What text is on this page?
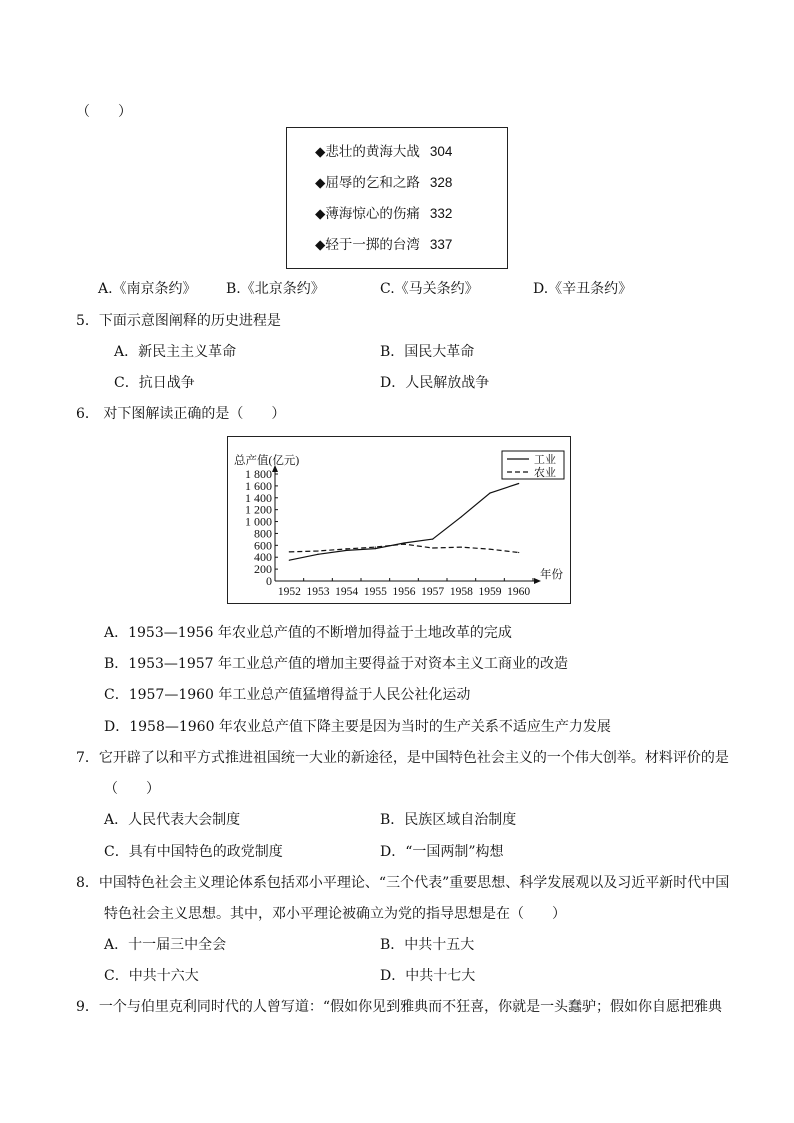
（　　）
◆悲壮的黄海大战 304
◆屈辱的乞和之路 328
◆薄海惊心的伤痛 332
◆轻于一掷的台湾 337
A.《南京条约》 B.《北京条约》	C.《马关条约》	D.《辛丑条约》
5．下面示意图阐释的历史进程是
A．新民主主义革命	B．国民大革命
C．抗日战争	D．人民解放战争
6． 对下图解读正确的是（　　）
0
200
400
600
800
1 000
1 200
1 400
1 600
1 800
1952 1953 1954 1955 1956 1957 1958 1959 1960
总产值(亿元)
年份
工业
农业
A．1953—1956 年农业总产值的不断增加得益于土地改革的完成
B．1953—1957 年工业总产值的增加主要得益于对资本主义工商业的改造
C．1957—1960 年工业总产值猛增得益于人民公社化运动
D．1958—1960 年农业总产值下降主要是因为当时的生产关系不适应生产力发展
7．它开辟了以和平方式推进祖国统一大业的新途径，是中国特色社会主义的一个伟大创举。材料评价的是
（　　）
A．人民代表大会制度	B．民族区域自治制度
C．具有中国特色的政党制度	D．“一国两制”构想
8．中国特色社会主义理论体系包括邓小平理论、“三个代表”重要思想、科学发展观以及习近平新时代中国
特色社会主义思想。其中，邓小平理论被确立为党的指导思想是在（　　）
A．十一届三中全会	B．中共十五大
C．中共十六大	D．中共十七大
9．一个与伯里克利同时代的人曾写道：“假如你见到雅典而不狂喜，你就是一头蠢驴；假如你自愿把雅典
